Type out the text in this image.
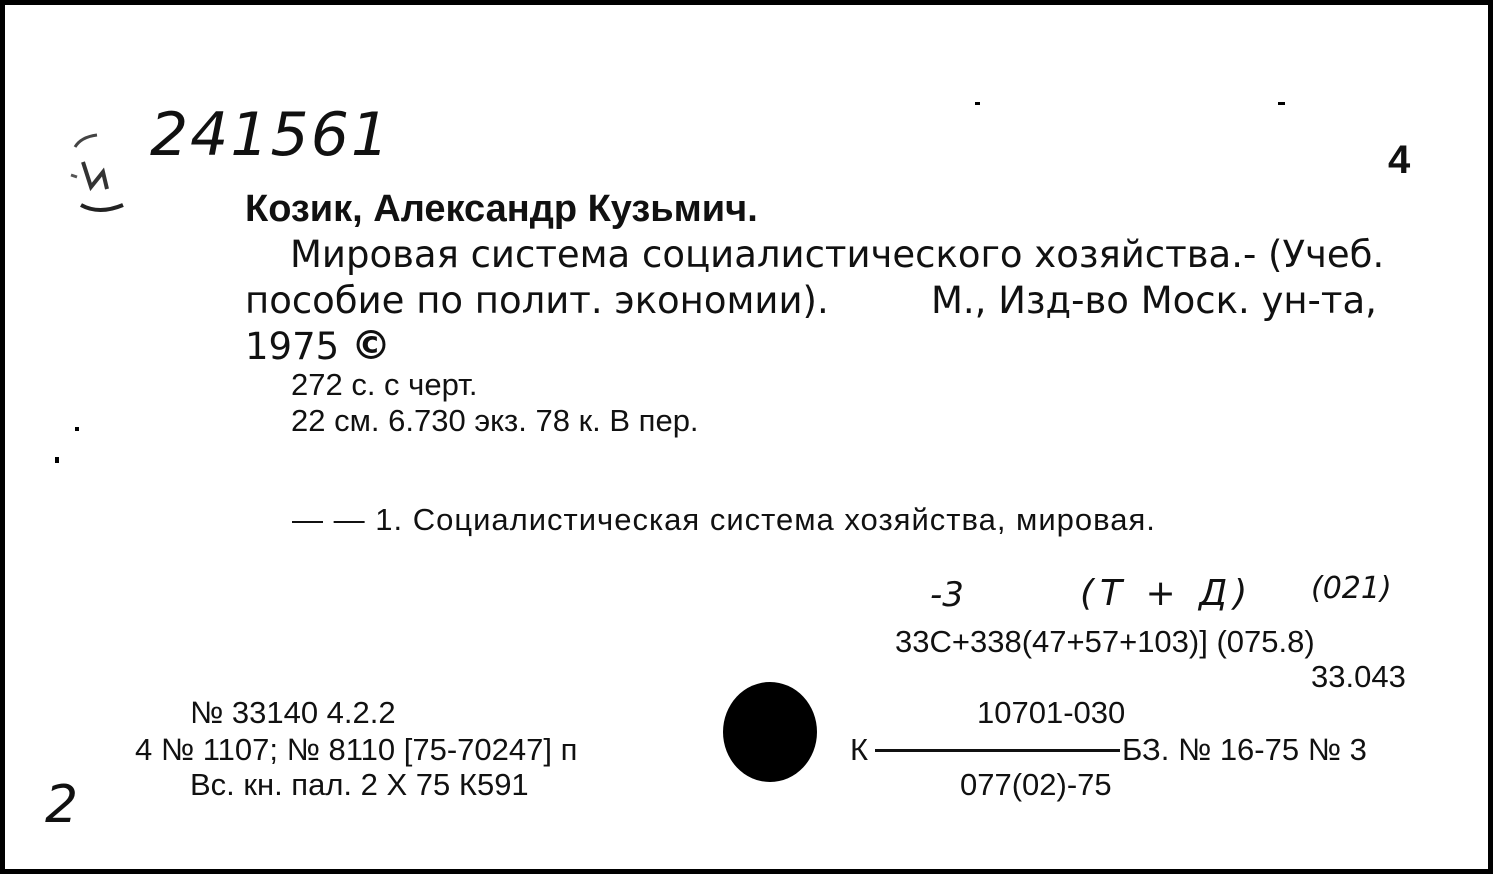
241561	4
Козик, Александр Кузьмич.
Мировая система социалистического хозяйства.- (Учеб.
пособие по полит. экономии).	М., Изд-во Моск. ун-та,
1975 ©
272 с. с черт.
22 см. 6.730 экз. 78 к. В пер.
— — 1. Социалистическая система хозяйства, мировая.
-3	(Т + Д) (021)
33С+338(47+57+103)] (075.8)
33.043
№ 33140 4.2.2
4 № 1107; № 8110 [75-70247] п
Вс. кн. пал. 2 X 75 К591
10701-030
К	БЗ. № 16-75 № 3
077(02)-75
2
